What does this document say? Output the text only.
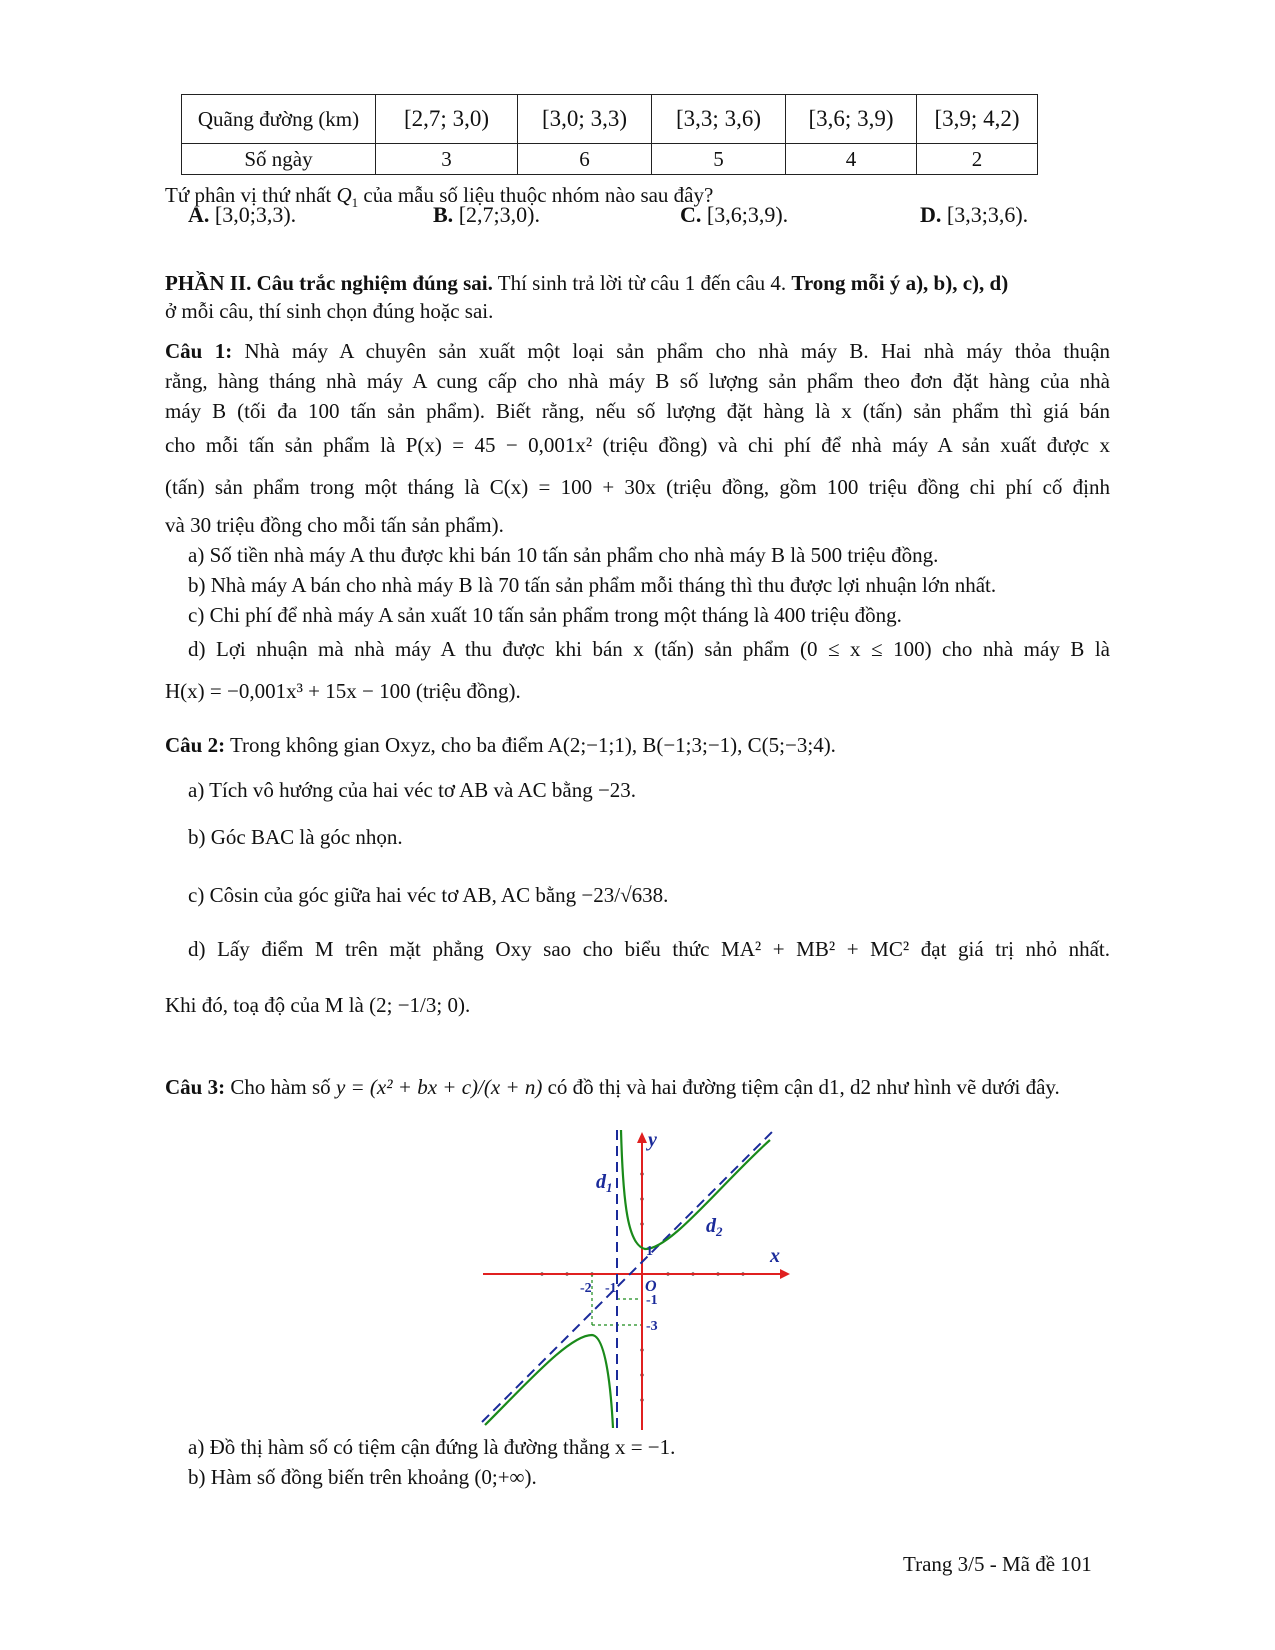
Quãng đường (km)	[2,7; 3,0)	[3,0; 3,3)	[3,3; 3,6)	[3,6; 3,9)	[3,9; 4,2)
Số ngày	3	6	5	4	2
Tứ phân vị thứ nhất $Q_1$ của mẫu số liệu thuộc nhóm nào sau đây?
A. [3,0;3,3).	B. [2,7;3,0).	C. [3,6;3,9).	D. [3,3;3,6).
PHẦN II. Câu trắc nghiệm đúng sai. Thí sinh trả lời từ câu 1 đến câu 4. Trong mỗi ý a), b), c), d)
ở mỗi câu, thí sinh chọn đúng hoặc sai.
Câu 1: Nhà máy A chuyên sản xuất một loại sản phẩm cho nhà máy B. Hai nhà máy thỏa thuận
rằng, hàng tháng nhà máy A cung cấp cho nhà máy B số lượng sản phẩm theo đơn đặt hàng của nhà
máy B (tối đa 100 tấn sản phẩm). Biết rằng, nếu số lượng đặt hàng là x (tấn) sản phẩm thì giá bán
cho mỗi tấn sản phẩm là P(x) = 45 − 0,001x² (triệu đồng) và chi phí để nhà máy A sản xuất được x
(tấn) sản phẩm trong một tháng là C(x) = 100 + 30x (triệu đồng, gồm 100 triệu đồng chi phí cố định
và 30 triệu đồng cho mỗi tấn sản phẩm).
a) Số tiền nhà máy A thu được khi bán 10 tấn sản phẩm cho nhà máy B là 500 triệu đồng.
b) Nhà máy A bán cho nhà máy B là 70 tấn sản phẩm mỗi tháng thì thu được lợi nhuận lớn nhất.
c) Chi phí để nhà máy A sản xuất 10 tấn sản phẩm trong một tháng là 400 triệu đồng.
d) Lợi nhuận mà nhà máy A thu được khi bán x (tấn) sản phẩm (0 ≤ x ≤ 100) cho nhà máy B là
H(x) = −0,001x³ + 15x − 100 (triệu đồng).
Câu 2: Trong không gian Oxyz, cho ba điểm A(2;−1;1), B(−1;3;−1), C(5;−3;4).
a) Tích vô hướng của hai véc tơ AB và AC bằng −23.
b) Góc BAC là góc nhọn.
c) Côsin của góc giữa hai véc tơ AB, AC bằng −23/√638.
d) Lấy điểm M trên mặt phẳng Oxy sao cho biểu thức MA² + MB² + MC² đạt giá trị nhỏ nhất.
Khi đó, toạ độ của M là (2; −1/3; 0).
Câu 3: Cho hàm số y = (x² + bx + c)/(x + n) có đồ thị và hai đường tiệm cận d1, d2 như hình vẽ dưới đây.
x
y
O
$d_1$
$d_2$
-2 -1
1
-1
-3
a) Đồ thị hàm số có tiệm cận đứng là đường thẳng x = −1.
b) Hàm số đồng biến trên khoảng (0;+∞).
Trang 3/5 - Mã đề 101
